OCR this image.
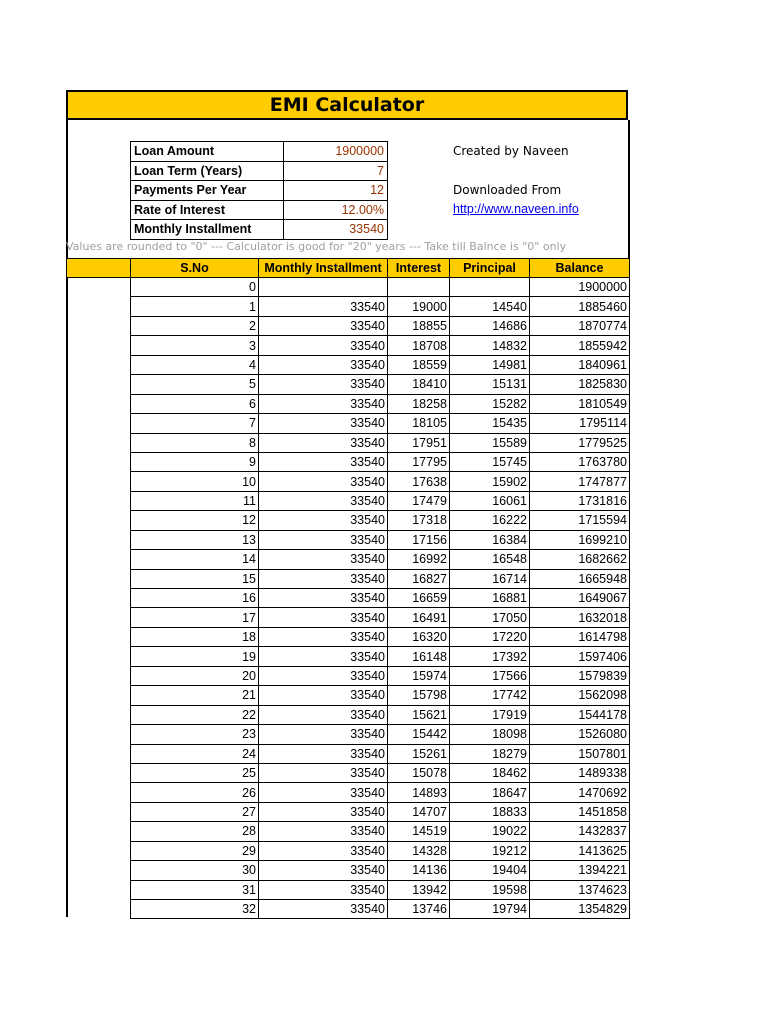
EMI Calculator
Loan Amount	1900000
Loan Term (Years)	7
Payments Per Year	12
Rate of Interest	12.00%
Monthly Installment	33540
Created by Naveen
Downloaded From
http://www.naveen.info
Values are rounded to "0" --- Calculator is good for "20" years --- Take till Balnce is "0" only
S.No	Monthly Installment	Interest	Principal	Balance
0				1900000
1	33540	19000	14540	1885460
2	33540	18855	14686	1870774
3	33540	18708	14832	1855942
4	33540	18559	14981	1840961
5	33540	18410	15131	1825830
6	33540	18258	15282	1810549
7	33540	18105	15435	1795114
8	33540	17951	15589	1779525
9	33540	17795	15745	1763780
10	33540	17638	15902	1747877
11	33540	17479	16061	1731816
12	33540	17318	16222	1715594
13	33540	17156	16384	1699210
14	33540	16992	16548	1682662
15	33540	16827	16714	1665948
16	33540	16659	16881	1649067
17	33540	16491	17050	1632018
18	33540	16320	17220	1614798
19	33540	16148	17392	1597406
20	33540	15974	17566	1579839
21	33540	15798	17742	1562098
22	33540	15621	17919	1544178
23	33540	15442	18098	1526080
24	33540	15261	18279	1507801
25	33540	15078	18462	1489338
26	33540	14893	18647	1470692
27	33540	14707	18833	1451858
28	33540	14519	19022	1432837
29	33540	14328	19212	1413625
30	33540	14136	19404	1394221
31	33540	13942	19598	1374623
32	33540	13746	19794	1354829
